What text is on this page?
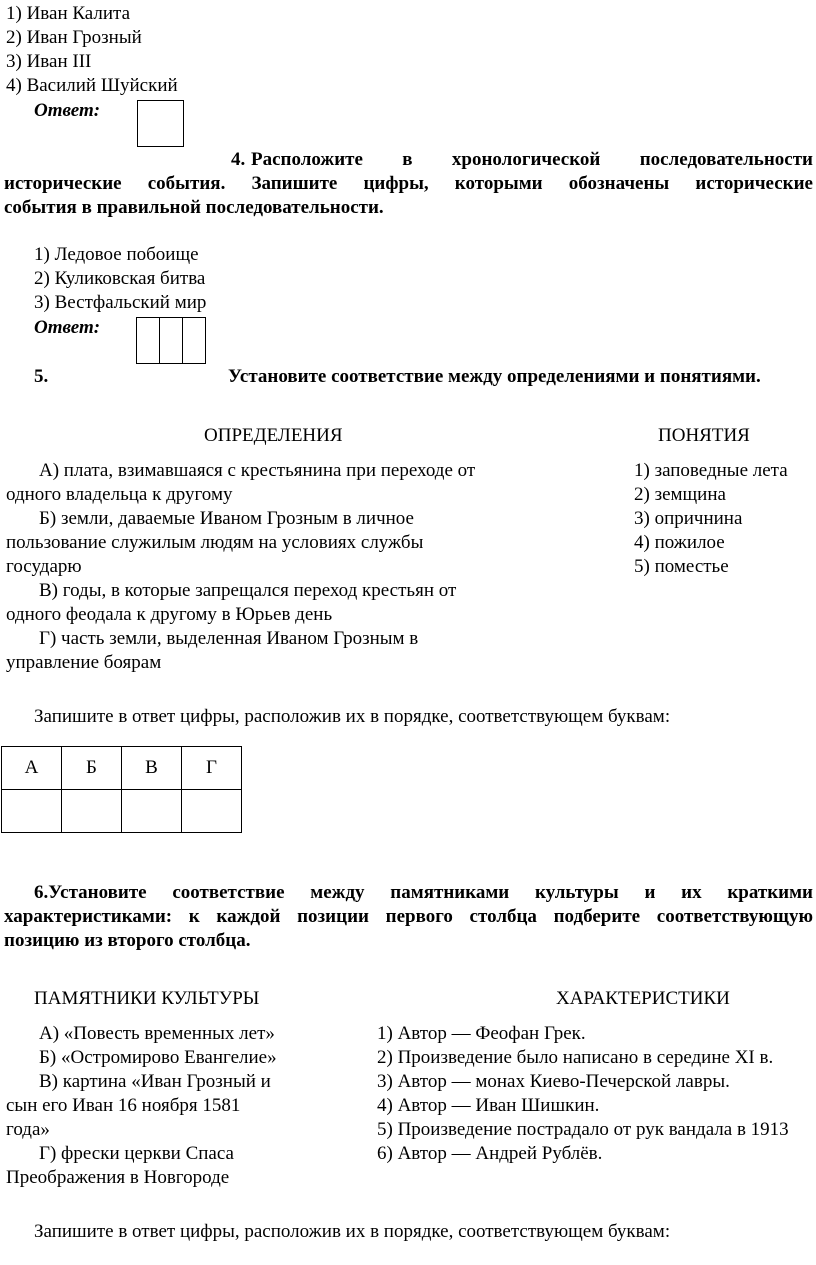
1) Иван Калита
2) Иван Грозный
3) Иван III
4) Василий Шуйский
Ответ:
4. Расположите в хронологической последовательности
исторические события. Запишите цифры, которыми обозначены исторические
события в правильной последовательности.
1) Ледовое побоище
2) Куликовская битва
3) Вестфальский мир
Ответ:

5.	Установите соответствие между определениями и понятиями.
ОПРЕДЕЛЕНИЯ	ПОНЯТИЯ
А) плата, взимавшаяся с крестьянина при переходе от
одного владельца к другому
Б) земли, даваемые Иваном Грозным в личное
пользование служилым людям на условиях службы
государю
В) годы, в которые запрещался переход крестьян от
одного феодала к другому в Юрьев день
Г) часть земли, выделенная Иваном Грозным в
управление боярам
1) заповедные лета
2) земщина
3) опричнина
4) пожилое
5) поместье
Запишите в ответ цифры, расположив их в порядке, соответствующем буквам:
А	Б	В	Г

6.Установите соответствие между памятниками культуры и их краткими
характеристиками: к каждой позиции первого столбца подберите соответствующую
позицию из второго столбца.
ПАМЯТНИКИ КУЛЬТУРЫ	ХАРАКТЕРИСТИКИ
А) «Повесть временных лет»
Б) «Остромирово Евангелие»
В) картина «Иван Грозный и
сын его Иван 16 ноября 1581
года»
Г) фрески церкви Спаса
Преображения в Новгороде
1) Автор — Феофан Грек.
2) Произведение было написано в середине XI в.
3) Автор — монах Киево-Печерской лавры.
4) Автор — Иван Шишкин.
5) Произведение пострадало от рук вандала в 1913
6) Автор — Андрей Рублёв.
Запишите в ответ цифры, расположив их в порядке, соответствующем буквам:
